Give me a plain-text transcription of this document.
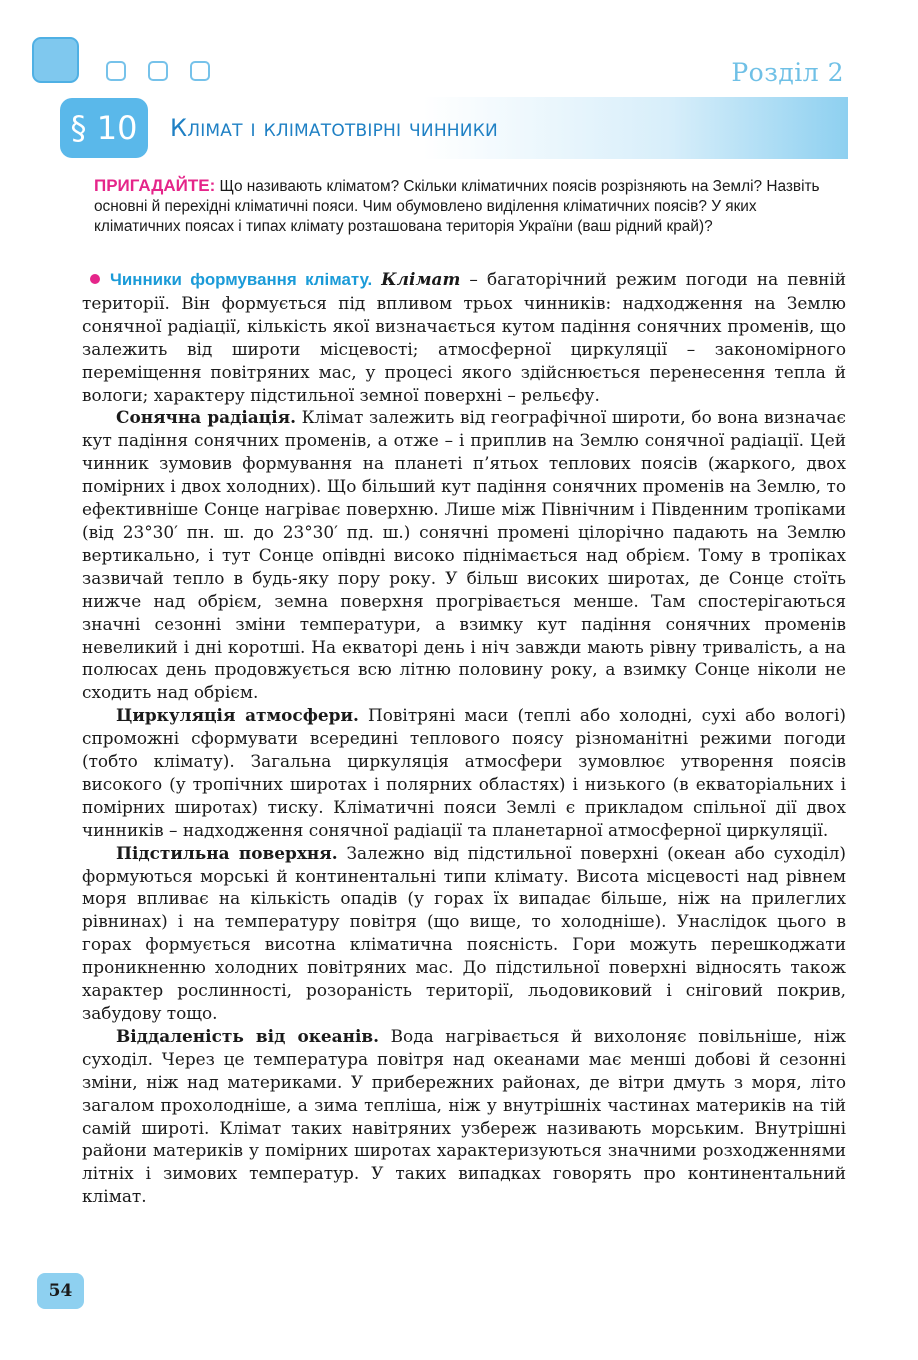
Розділ 2
§ 10	Клімат і кліматотвірні чинники
ПРИГАДАЙТЕ: Що називають кліматом? Скільки кліматичних поясів розрізняють на Землі? Назвіть основні й перехідні кліматичні пояси. Чим обумовлено виділення кліматичних поясів? У яких кліматичних поясах і типах клімату розташована територія України (ваш рідний край)?

Чинники формування клімату. Клімат – багаторічний режим погоди на певній території. Він формується під впливом трьох чинників: надходження на Землю сонячної радіації, кількість якої визначається кутом падіння сонячних променів, що залежить від широти місцевості; атмосферної циркуляції – закономірного переміщення повітряних мас, у процесі якого здійснюється перенесення тепла й вологи; характеру підстильної земної поверхні – рельєфу.

Сонячна радіація. Клімат залежить від географічної широти, бо вона визначає кут падіння сонячних променів, а отже – і приплив на Землю сонячної радіації. Цей чинник зумовив формування на планеті п’ятьох теплових поясів (жаркого, двох помірних і двох холодних). Що більший кут падіння сонячних променів на Землю, то ефективніше Сонце нагріває поверхню. Лише між Північним і Південним тропіками (від 23°30′ пн. ш. до 23°30′ пд. ш.) сонячні промені цілорічно падають на Землю вертикально, і тут Сонце опівдні високо піднімається над обрієм. Тому в тропіках зазвичай тепло в будь-яку пору року. У більш високих широтах, де Сонце стоїть нижче над обрієм, земна поверхня прогрівається менше. Там спостерігаються значні сезонні зміни температури, а взимку кут падіння сонячних променів невеликий і дні коротші. На екваторі день і ніч завжди мають рівну тривалість, а на полюсах день продовжується всю літню половину року, а взимку Сонце ніколи не сходить над обрієм.

Циркуляція атмосфери. Повітряні маси (теплі або холодні, сухі або вологі) спроможні сформувати всередині теплового поясу різноманітні режими погоди (тобто клімату). Загальна циркуляція атмосфери зумовлює утворення поясів високого (у тропічних широтах і полярних областях) і низького (в екваторіальних і помірних широтах) тиску. Кліматичні пояси Землі є прикладом спільної дії двох чинників – надходження сонячної радіації та планетарної атмосферної циркуляції.

Підстильна поверхня. Залежно від підстильної поверхні (океан або суходіл) формуються морські й континентальні типи клімату. Висота місцевості над рівнем моря впливає на кількість опадів (у горах їх випадає більше, ніж на прилеглих рівнинах) і на температуру повітря (що вище, то холодніше). Унаслідок цього в горах формується висотна кліматична поясність. Гори можуть перешкоджати проникненню холодних повітряних мас. До підстильної поверхні відносять також характер рослинності, розораність території, льодовиковий і сніговий покрив, забудову тощо.

Віддаленість від океанів. Вода нагрівається й вихолоняє повільніше, ніж суходіл. Через це температура повітря над океанами має менші добові й сезонні зміни, ніж над материками. У прибережних районах, де вітри дмуть з моря, літо загалом прохолодніше, а зима тепліша, ніж у внутрішніх частинах материків на тій самій широті. Клімат таких навітряних узбереж називають морським. Внутрішні райони материків у помірних широтах характеризуються значними розходженнями літніх і зимових температур. У таких випадках говорять про континентальний клімат.

54
